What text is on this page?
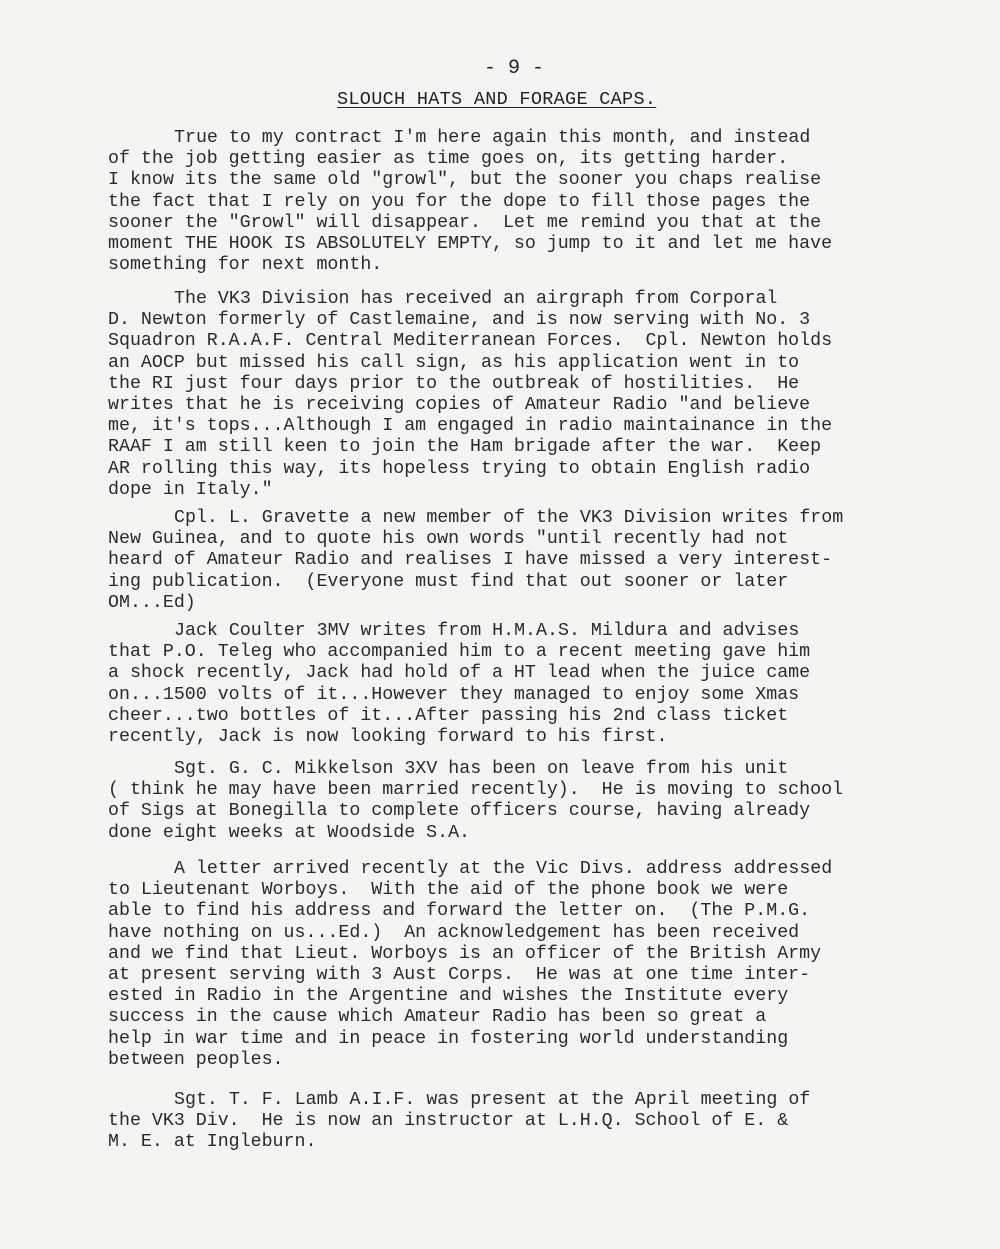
- 9 -
SLOUCH HATS AND FORAGE CAPS.
True to my contract I'm here again this month, and instead
of the job getting easier as time goes on, its getting harder.
I know its the same old "growl", but the sooner you chaps realise
the fact that I rely on you for the dope to fill those pages the
sooner the "Growl" will disappear.  Let me remind you that at the
moment THE HOOK IS ABSOLUTELY EMPTY, so jump to it and let me have
something for next month.
The VK3 Division has received an airgraph from Corporal
D. Newton formerly of Castlemaine, and is now serving with No. 3
Squadron R.A.A.F. Central Mediterranean Forces.  Cpl. Newton holds
an AOCP but missed his call sign, as his application went in to
the RI just four days prior to the outbreak of hostilities.  He
writes that he is receiving copies of Amateur Radio "and believe
me, it's tops...Although I am engaged in radio maintainance in the
RAAF I am still keen to join the Ham brigade after the war.  Keep
AR rolling this way, its hopeless trying to obtain English radio
dope in Italy."
Cpl. L. Gravette a new member of the VK3 Division writes from
New Guinea, and to quote his own words "until recently had not
heard of Amateur Radio and realises I have missed a very interest-
ing publication.  (Everyone must find that out sooner or later
OM...Ed)
Jack Coulter 3MV writes from H.M.A.S. Mildura and advises
that P.O. Teleg who accompanied him to a recent meeting gave him
a shock recently, Jack had hold of a HT lead when the juice came
on...1500 volts of it...However they managed to enjoy some Xmas
cheer...two bottles of it...After passing his 2nd class ticket
recently, Jack is now looking forward to his first.
Sgt. G. C. Mikkelson 3XV has been on leave from his unit
( think he may have been married recently).  He is moving to school
of Sigs at Bonegilla to complete officers course, having already
done eight weeks at Woodside S.A.
A letter arrived recently at the Vic Divs. address addressed
to Lieutenant Worboys.  With the aid of the phone book we were
able to find his address and forward the letter on.  (The P.M.G.
have nothing on us...Ed.)  An acknowledgement has been received
and we find that Lieut. Worboys is an officer of the British Army
at present serving with 3 Aust Corps.  He was at one time inter-
ested in Radio in the Argentine and wishes the Institute every
success in the cause which Amateur Radio has been so great a
help in war time and in peace in fostering world understanding
between peoples.
Sgt. T. F. Lamb A.I.F. was present at the April meeting of
the VK3 Div.  He is now an instructor at L.H.Q. School of E. &
M. E. at Ingleburn.
